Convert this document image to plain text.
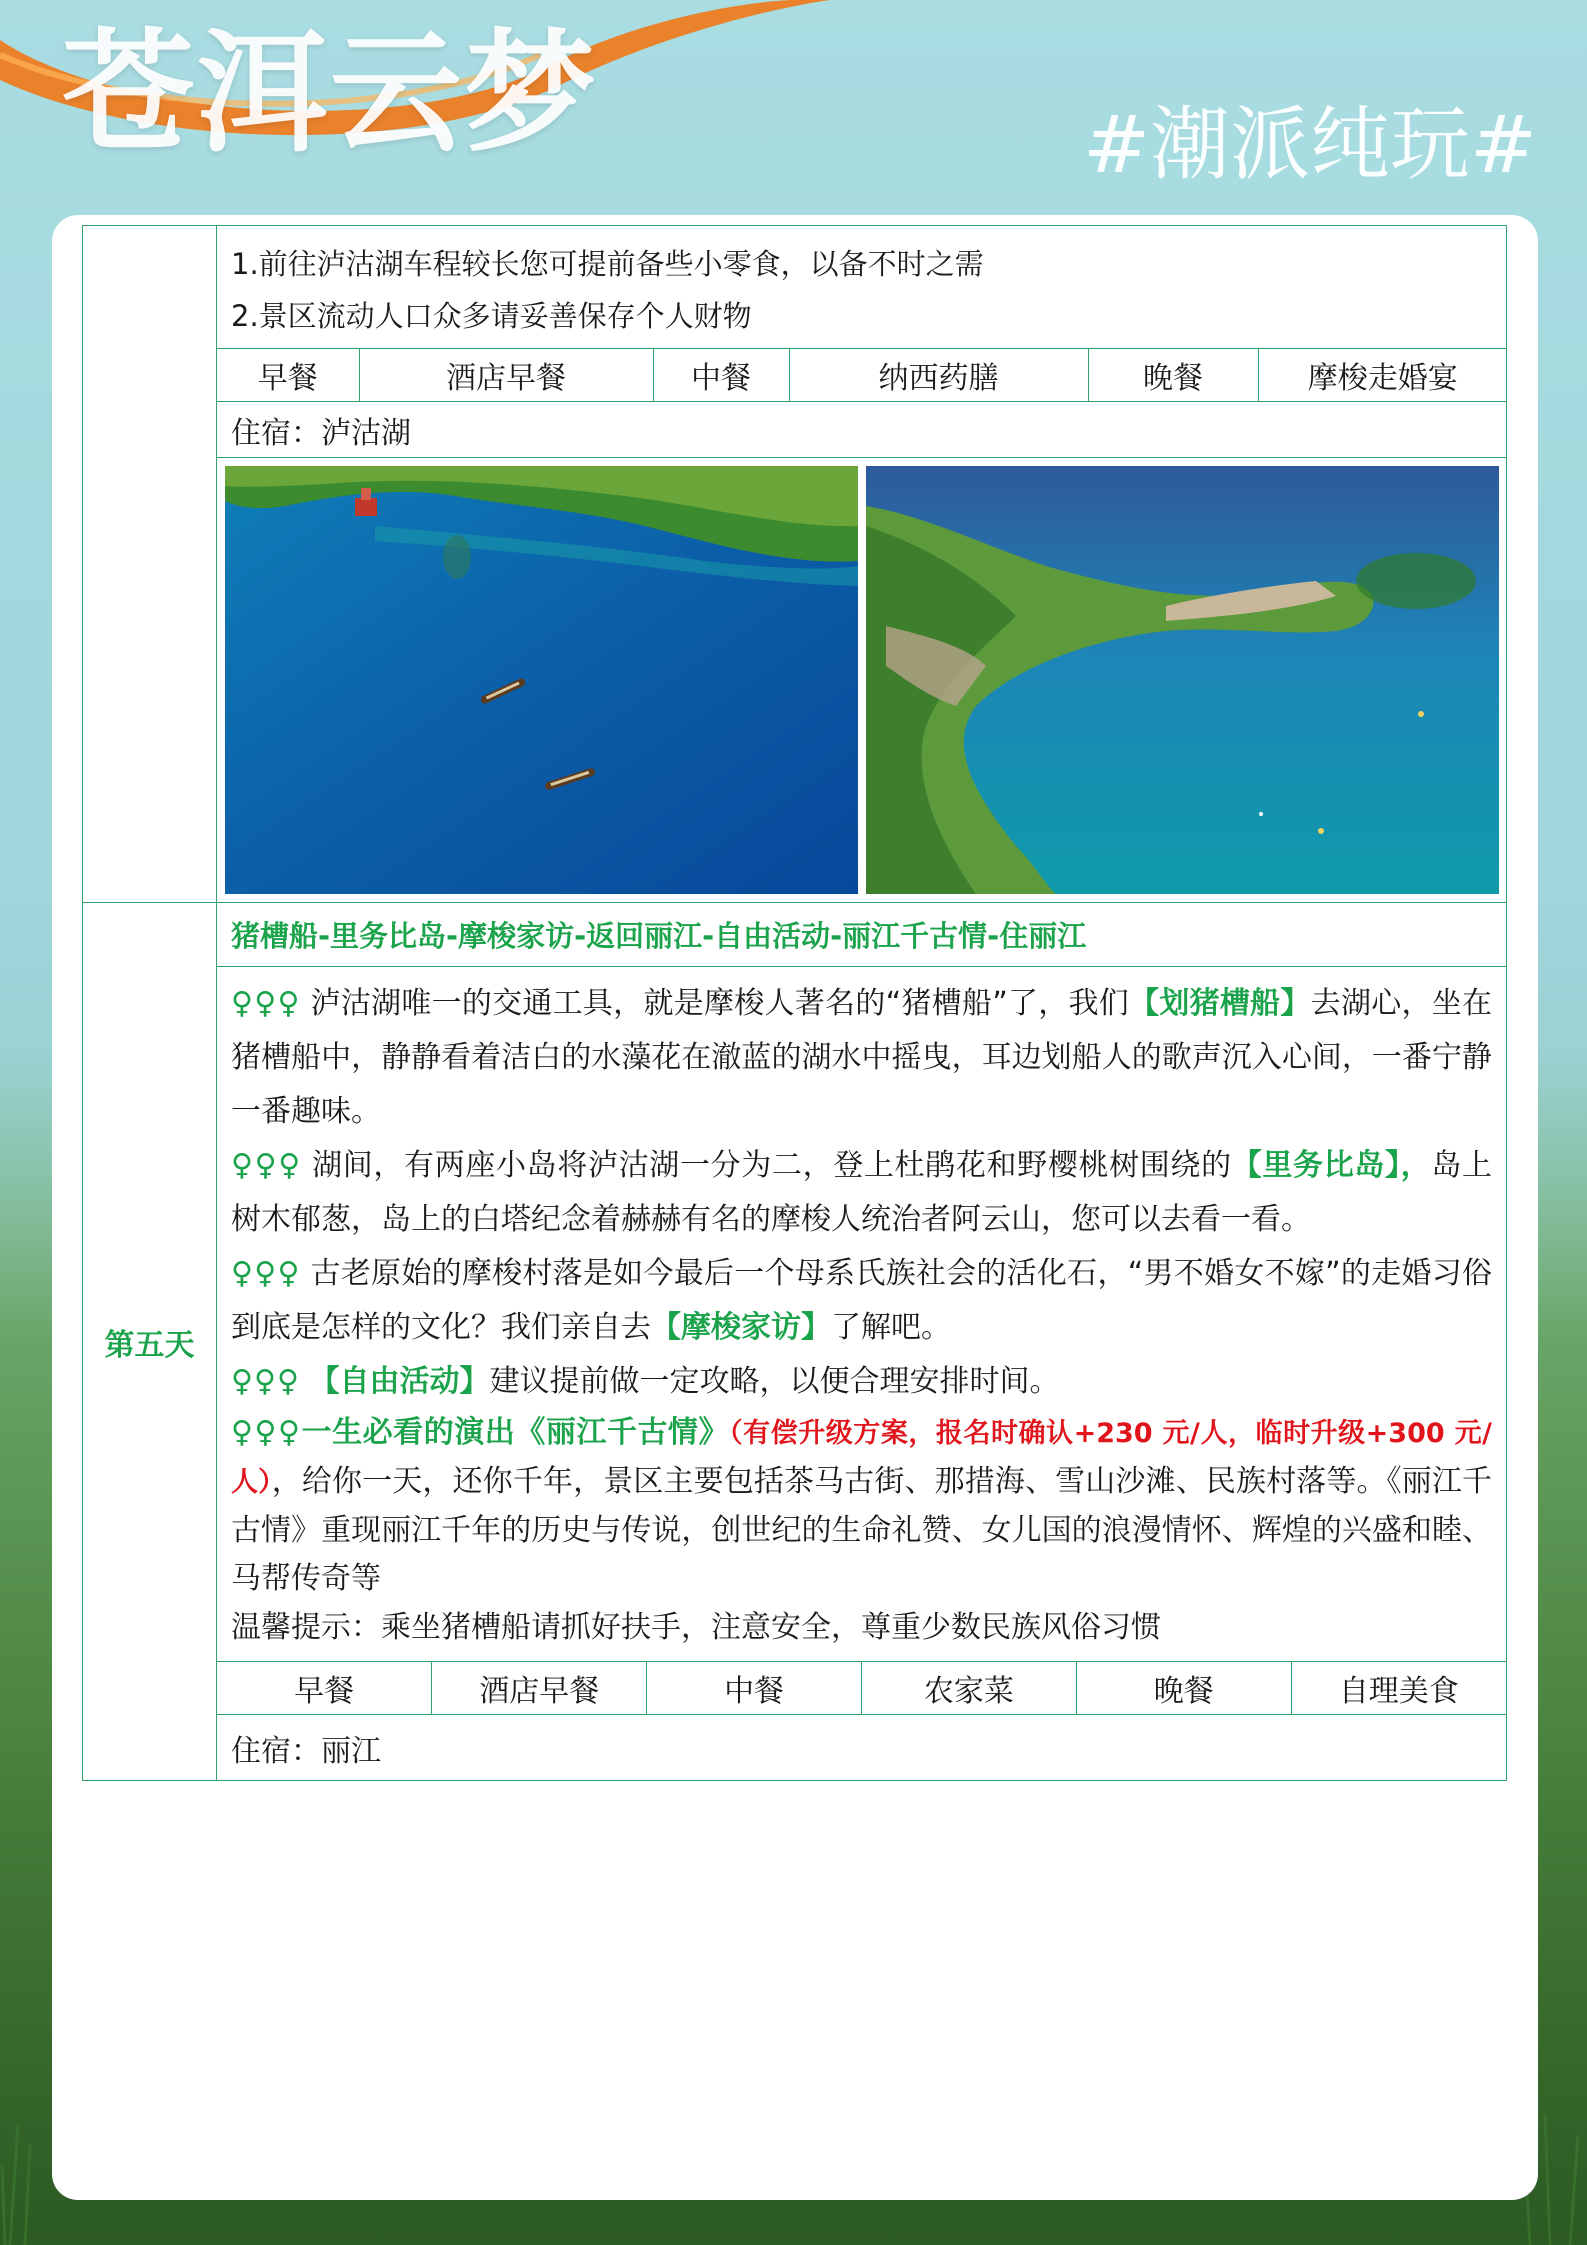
苍洱云梦	#潮派纯玩#

1.前往泸沽湖车程较长您可提前备些小零食，以备不时之需
2.景区流动人口众多请妥善保存个人财物

早餐	酒店早餐	中餐	纳西药膳	晚餐	摩梭走婚宴

住宿：泸沽湖

第五天	猪槽船-里务比岛-摩梭家访-返回丽江-自由活动-丽江千古情-住丽江

♀♀♀ 泸沽湖唯一的交通工具，就是摩梭人著名的“猪槽船”了，我们【划猪槽船】去湖心，坐在猪槽船中，静静看着洁白的水藻花在澈蓝的湖水中摇曳，耳边划船人的歌声沉入心间，一番宁静一番趣味。
♀♀♀ 湖间，有两座小岛将泸沽湖一分为二，登上杜鹃花和野樱桃树围绕的【里务比岛】，岛上树木郁葱，岛上的白塔纪念着赫赫有名的摩梭人统治者阿云山，您可以去看一看。
♀♀♀ 古老原始的摩梭村落是如今最后一个母系氏族社会的活化石，“男不婚女不嫁”的走婚习俗到底是怎样的文化？我们亲自去【摩梭家访】了解吧。
♀♀♀ 【自由活动】建议提前做一定攻略，以便合理安排时间。
♀♀♀一生必看的演出《丽江千古情》（有偿升级方案，报名时确认+230 元/人，临时升级+300 元/人），给你一天，还你千年，景区主要包括茶马古街、那措海、雪山沙滩、民族村落等。《丽江千古情》重现丽江千年的历史与传说，创世纪的生命礼赞、女儿国的浪漫情怀、辉煌的兴盛和睦、马帮传奇等
温馨提示：乘坐猪槽船请抓好扶手，注意安全，尊重少数民族风俗习惯

早餐	酒店早餐	中餐	农家菜	晚餐	自理美食

住宿：丽江
